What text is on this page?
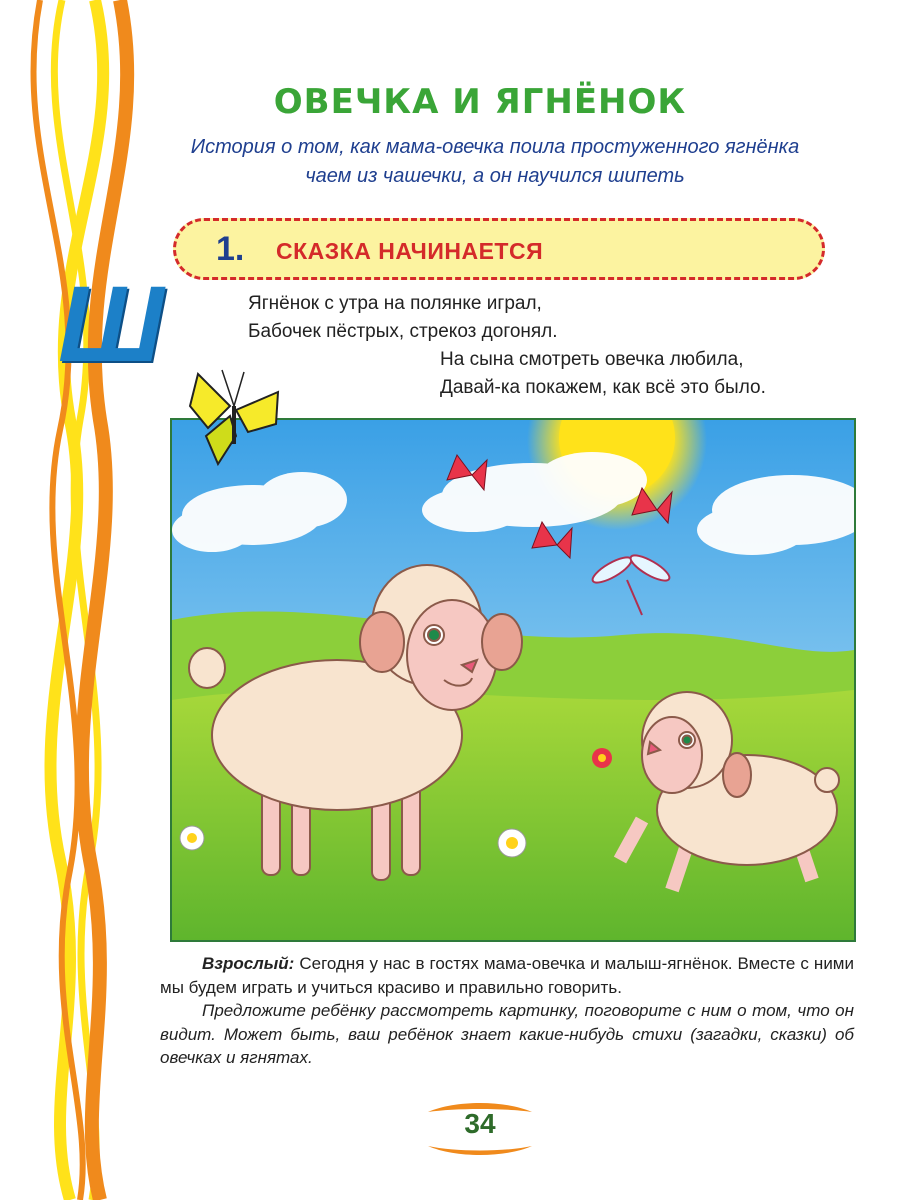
ОВЕЧКА И ЯГНЁНОК
История о том, как мама-овечка поила простуженного ягнёнка
чаем из чашечки, а он научился шипеть
1. СКАЗКА НАЧИНАЕТСЯ
Ш	Ягнёнок с утра на полянке играл,
Бабочек пёстрых, стрекоз догонял.
На сына смотреть овечка любила,
Давай-ка покажем, как всё это было.

Взрослый: Сегодня у нас в гостях мама-овечка и малыш-ягнёнок. Вместе с ними мы будем играть и учиться красиво и правильно говорить.

Предложите ребёнку рассмотреть картинку, поговорите с ним о том, что он видит. Может быть, ваш ребёнок знает какие-нибудь стихи (загадки, сказки) об овечках и ягнятах.

34
